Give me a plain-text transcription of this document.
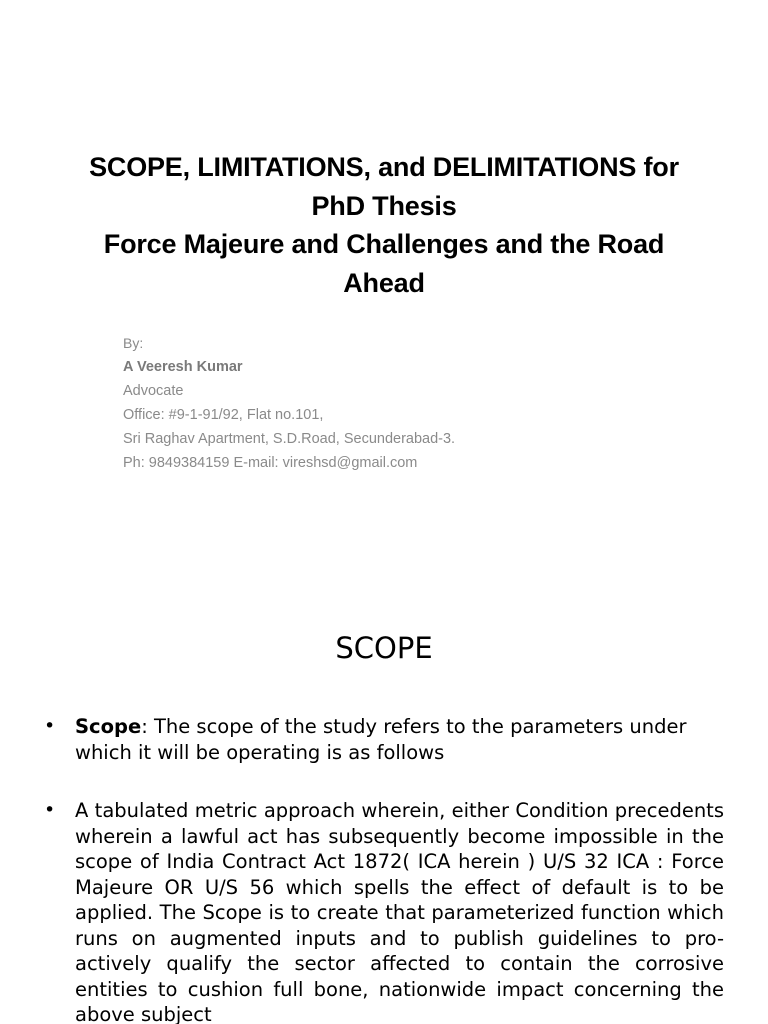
SCOPE, LIMITATIONS, and DELIMITATIONS for
PhD Thesis
Force Majeure and Challenges and the Road
Ahead
By:
A Veeresh Kumar
Advocate
Office: #9-1-91/92, Flat no.101,
Sri Raghav Apartment, S.D.Road, Secunderabad-3.
Ph: 9849384159 E-mail: vireshsd@gmail.com
SCOPE
•	Scope: The scope of the study refers to the parameters under which it will be operating is as follows
•	A tabulated metric approach wherein, either Condition precedents wherein a lawful act has subsequently become impossible in the scope of India Contract Act 1872( ICA herein ) U/S 32 ICA : Force Majeure OR U/S 56 which spells the effect of default is to be applied. The Scope is to create that parameterized function which runs on augmented inputs and to publish guidelines to pro-actively qualify the sector affected to contain the corrosive entities to cushion full bone, nationwide impact concerning the above subject
